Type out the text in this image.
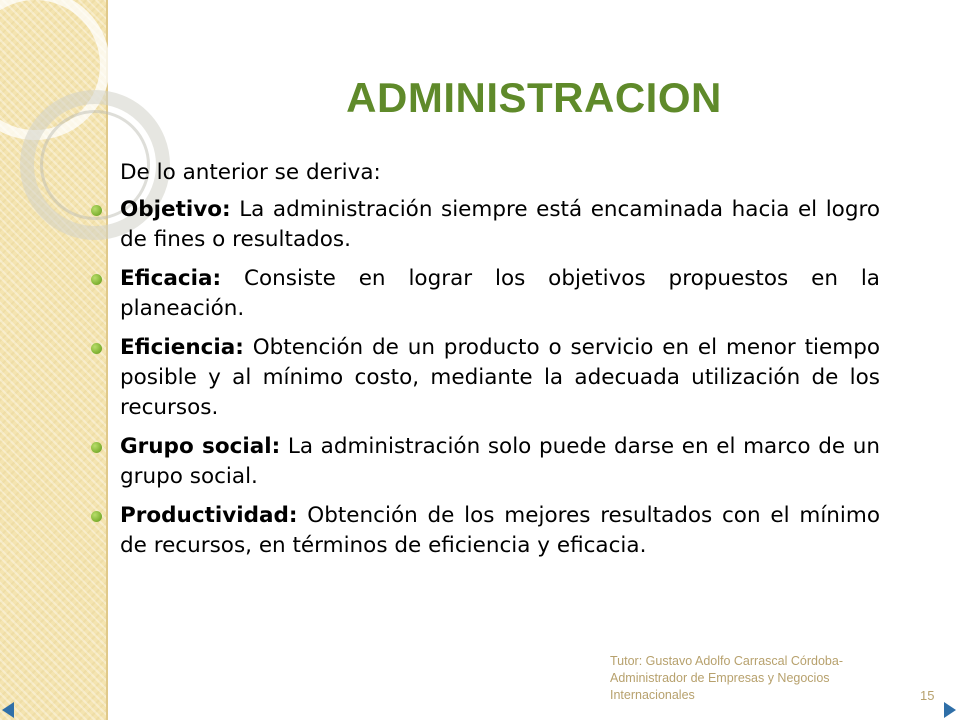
ADMINISTRACION

De lo anterior se deriva:

Objetivo: La administración siempre está encaminada hacia el logro de fines o resultados.
Eficacia: Consiste en lograr los objetivos propuestos en la planeación.
Eficiencia: Obtención de un producto o servicio en el menor tiempo posible y al mínimo costo, mediante la adecuada utilización de los recursos.
Grupo social: La administración solo puede darse en el marco de un grupo social.
Productividad: Obtención de los mejores resultados con el mínimo de recursos, en términos de eficiencia y eficacia.
Tutor: Gustavo Adolfo Carrascal Córdoba-
Administrador de Empresas y Negocios
Internacionales	15
